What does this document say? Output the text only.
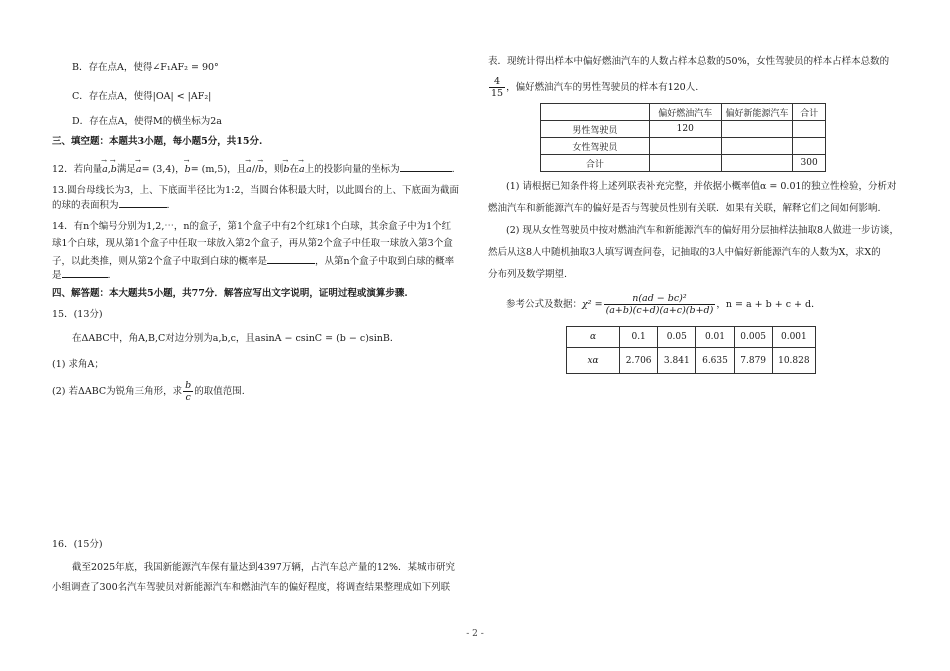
B．存在点A，使得∠F₁AF₂ = 90°
C．存在点A，使得|OA| < |AF₂|
D．存在点A，使得M的横坐标为2a
三、填空题：本题共3小题，每小题5分，共15分.
12．若向量→ a,→ b满足→ a= (3,4)，→ b= (m,5)，且→ a//→ b，则→ b在→ a上的投影向量的坐标为	.
13.圆台母线长为3，上、下底面半径比为1:2，当圆台体积最大时，以此圆台的上、下底面为截面
的球的表面积为	.
14．有n个编号分别为1,2,⋯，n的盒子，第1个盒子中有2个红球1个白球，其余盒子中为1个红
球1个白球，现从第1个盒子中任取一球放入第2个盒子，再从第2个盒子中任取一球放入第3个盒
子，以此类推，则从第2个盒子中取到白球的概率是	，从第n个盒子中取到白球的概率
是	.
四、解答题：本大题共5小题，共77分．解答应写出文字说明，证明过程或演算步骤.
15．(13分)
在ΔABC中，角A,B,C对边分别为a,b,c，且asinA − csinC = (b − c)sinB．
(1) 求角A；
(2) 若ΔABC为锐角三角形，求 $\frac{b}{c}$ 的取值范围.
16．(15分)
截至2025年底，我国新能源汽车保有量达到4397万辆，占汽车总产量的12%．某城市研究
小组调查了300名汽车驾驶员对新能源汽车和燃油汽车的偏好程度，将调查结果整理成如下列联
表．现统计得出样本中偏好燃油汽车的人数占样本总数的50%，女性驾驶员的样本占样本总数的
$\frac{4}{15}$ ，偏好燃油汽车的男性驾驶员的样本有120人.
	偏好燃油汽车	偏好新能源汽车	合计
男性驾驶员	120		
女性驾驶员			
合计			300
(1) 请根据已知条件将上述列联表补充完整，并依据小概率值α = 0.01的独立性检验，分析对
燃油汽车和新能源汽车的偏好是否与驾驶员性别有关联．如果有关联，解释它们之间如何影响.
(2) 现从女性驾驶员中按对燃油汽车和新能源汽车的偏好用分层抽样法抽取8人做进一步访谈，
然后从这8人中随机抽取3人填写调查问卷，记抽取的3人中偏好新能源汽车的人数为X，求X的
分布列及数学期望.
参考公式及数据：$\chi^2 = \frac{\text{n(ad − bc)²}}{(a+b)(c+d)(a+c)(b+d)}$ ，n = a + b + c + d．
α	0.1	0.05	0.01	0.005	0.001
xα	2.706	3.841	6.635	7.879	10.828
- 2 -
